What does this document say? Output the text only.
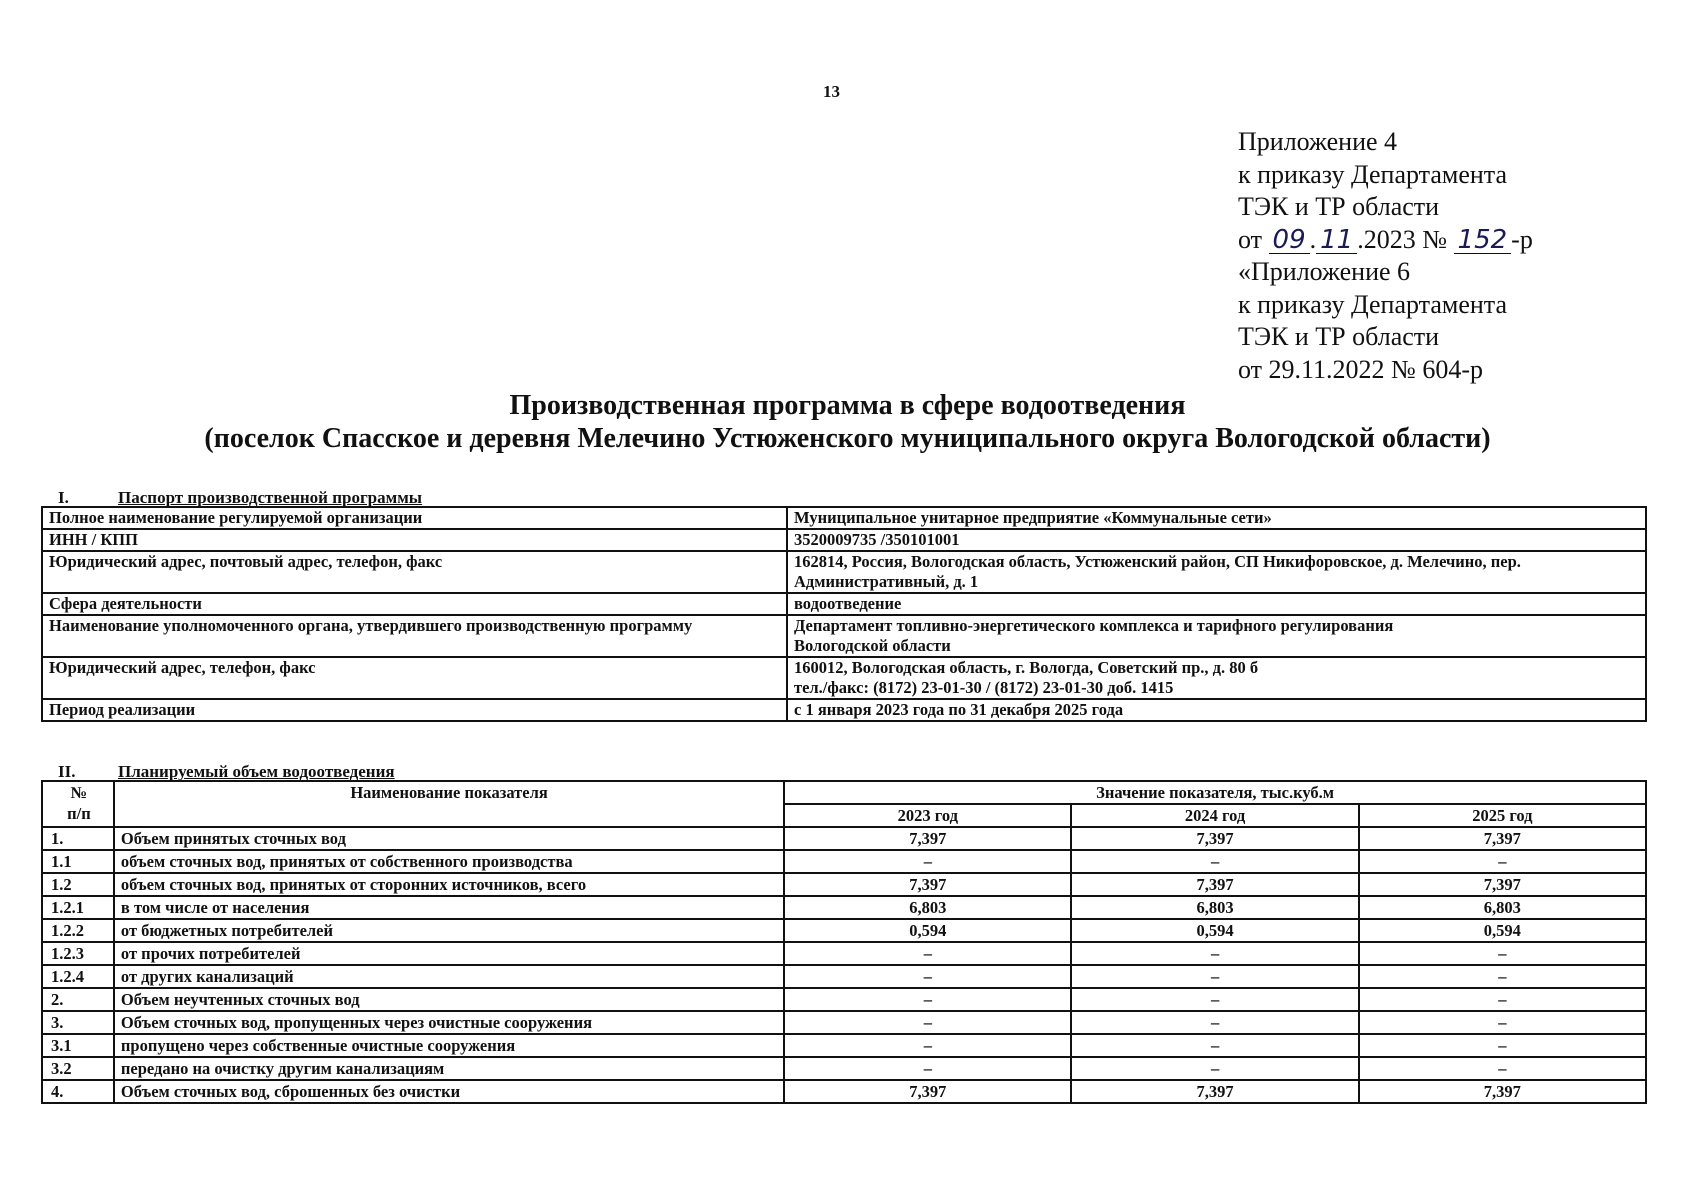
13
Приложение 4
к приказу Департамента
ТЭК и ТР области
от 09 . 11 .2023 № 152 -р
«Приложение 6
к приказу Департамента
ТЭК и ТР области
от 29.11.2022 № 604-р
Производственная программа в сфере водоотведения
(поселок Спасское и деревня Мелечино Устюженского муниципального округа Вологодской области)
I.	Паспорт производственной программы
Полное наименование регулируемой организации	Муниципальное унитарное предприятие «Коммунальные сети»

ИНН / КПП	3520009735 /350101001

Юридический адрес, почтовый адрес, телефон, факс	162814, Россия, Вологодская область, Устюженский район, СП Никифоровское, д. Мелечино, пер.
Административный, д. 1

Сфера деятельности	водоотведение

Наименование уполномоченного органа, утвердившего производственную программу	Департамент топливно-энергетического комплекса и тарифного регулирования
Вологодской области

Юридический адрес, телефон, факс	160012, Вологодская область, г. Вологда, Советский пр., д. 80 б
тел./факс: (8172) 23-01-30 / (8172) 23-01-30 доб. 1415

Период реализации	с 1 января 2023 года по 31 декабря 2025 года
II.	Планируемый объем водоотведения
№
п/п	Наименование показателя	Значение показателя, тыс.куб.м		
		2023 год	2024 год	2025 год
1.	Объем принятых сточных вод	7,397	7,397	7,397
1.1	объем сточных вод, принятых от собственного производства	–	–	–
1.2	объем сточных вод, принятых от сторонних источников, всего	7,397	7,397	7,397
1.2.1	в том числе от населения	6,803	6,803	6,803
1.2.2	от бюджетных потребителей	0,594	0,594	0,594
1.2.3	от прочих потребителей	–	–	–
1.2.4	от других канализаций	–	–	–
2.	Объем неучтенных сточных вод	–	–	–
3.	Объем сточных вод, пропущенных через очистные сооружения	–	–	–
3.1	пропущено через собственные очистные сооружения	–	–	–
3.2	передано на очистку другим канализациям	–	–	–
4.	Объем сточных вод, сброшенных без очистки	7,397	7,397	7,397
